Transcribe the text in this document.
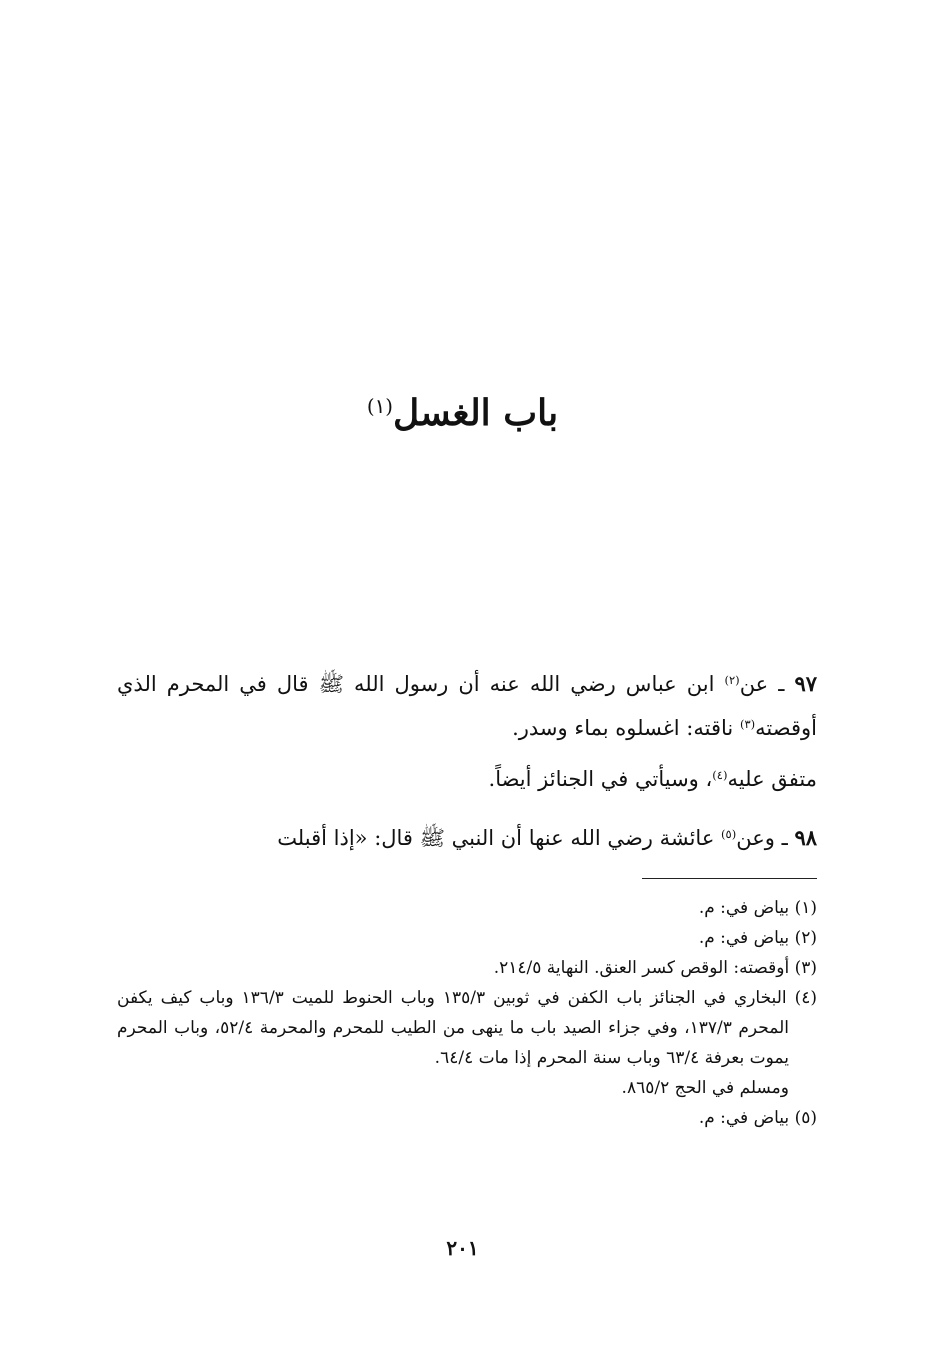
باب الغسل$^{(١)}$

٩٧ ـ عن$^{(٢)}$ ابن عباس رضي الله عنه أن رسول الله ﷺ قال في المحرم الذي أوقصته$^{(٣)}$ ناقته: اغسلوه بماء وسدر.

متفق عليه$^{(٤)}$، وسيأتي في الجنائز أيضاً.

٩٨ ـ وعن$^{(٥)}$ عائشة رضي الله عنها أن النبي ﷺ قال: «إذا أقبلت

(١) بياض في: م.

(٢) بياض في: م.

(٣) أوقصته: الوقص كسر العنق. النهاية ٢١٤/٥.

(٤) البخاري في الجنائز باب الكفن في ثوبين ١٣٥/٣ وباب الحنوط للميت ١٣٦/٣ وباب كيف يكفن المحرم ١٣٧/٣، وفي جزاء الصيد باب ما ينهى من الطيب للمحرم والمحرمة ٥٢/٤، وباب المحرم يموت بعرفة ٦٣/٤ وباب سنة المحرم إذا مات ٦٤/٤.

ومسلم في الحج ٨٦٥/٢.

(٥) بياض في: م.

٢٠١
